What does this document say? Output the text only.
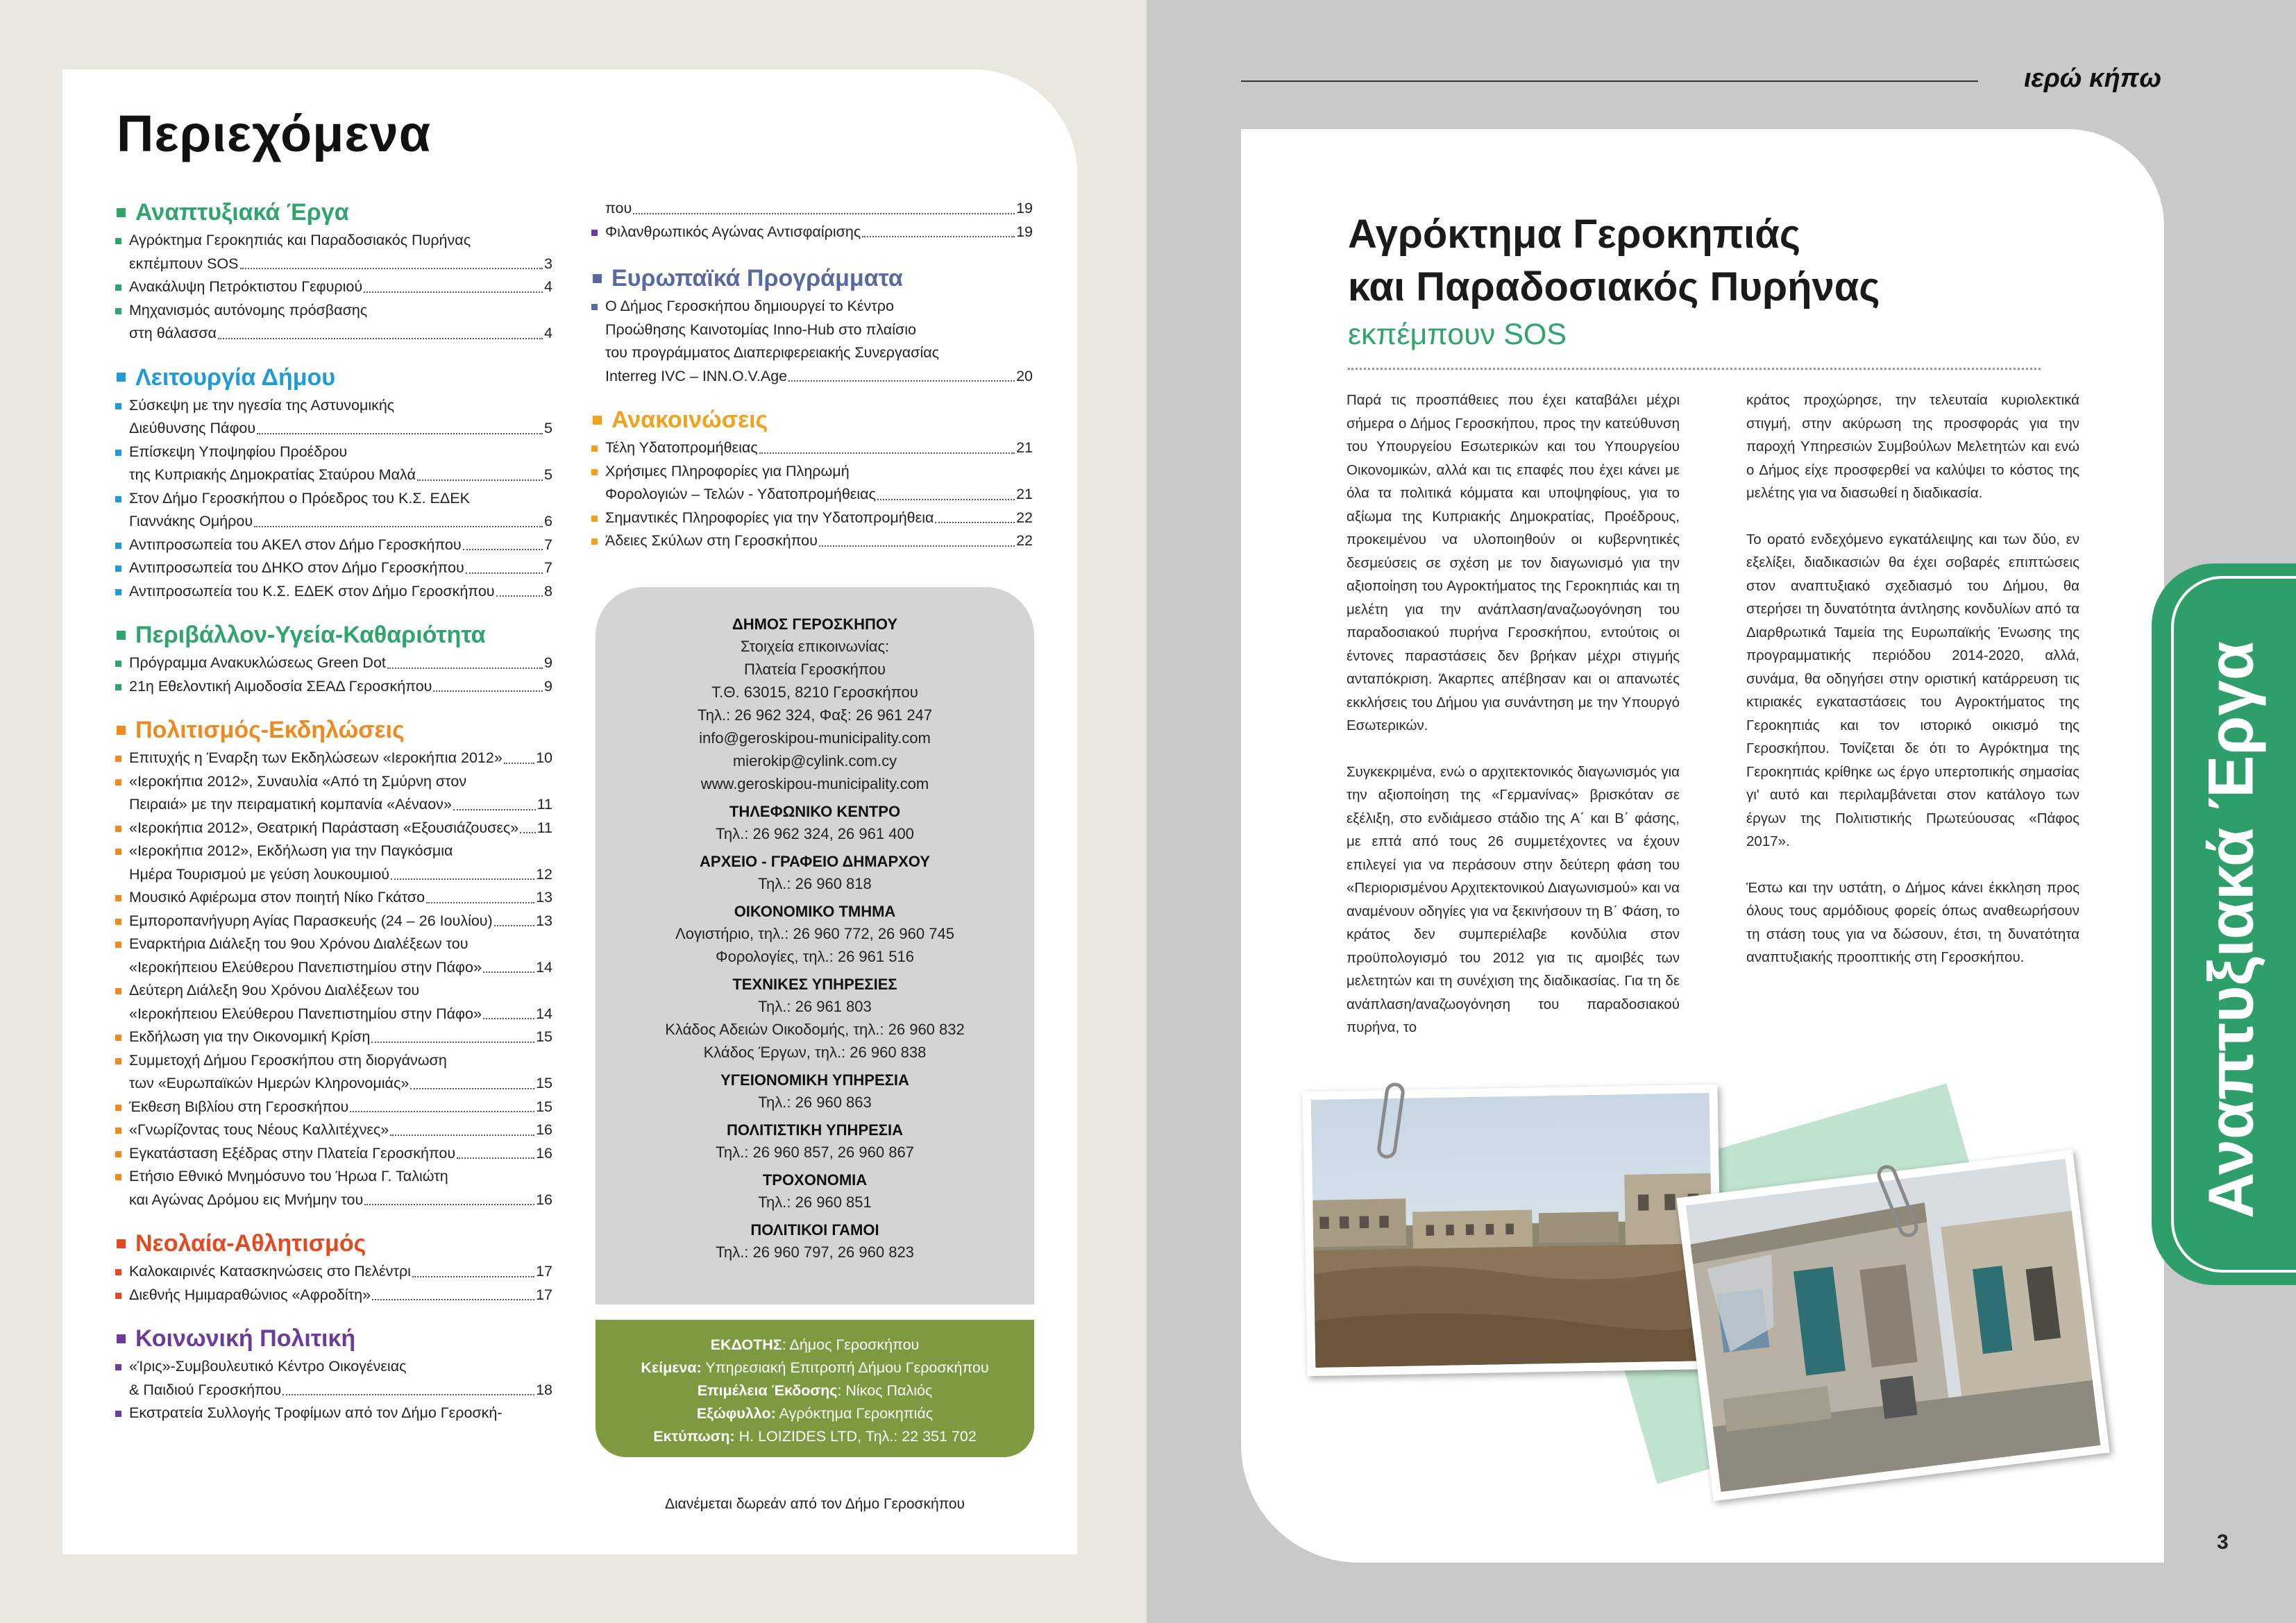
Περιεχόμενα
Αναπτυξιακά Έργα
Αγρόκτημα Γεροκηπιάς και Παραδοσιακός Πυρήνας
εκπέμπουν SOS	3
Ανακάλυψη Πετρόκτιστου Γεφυριού	4
Μηχανισμός αυτόνομης πρόσβασης
στη θάλασσα	4
Λειτουργία Δήμου
Σύσκεψη με την ηγεσία της Αστυνομικής
Διεύθυνσης Πάφου	5
Επίσκεψη Υποψηφίου Προέδρου
της Κυπριακής Δημοκρατίας Σταύρου Μαλά	5
Στον Δήμο Γεροσκήπου ο Πρόεδρος του Κ.Σ. ΕΔΕΚ
Γιαννάκης Ομήρου	6
Αντιπροσωπεία του ΑΚΕΛ στον Δήμο Γεροσκήπου	7
Αντιπροσωπεία του ΔΗΚΟ στον Δήμο Γεροσκήπου	7
Αντιπροσωπεία του Κ.Σ. ΕΔΕΚ στον Δήμο Γεροσκήπου	8
Περιβάλλον-Υγεία-Καθαριότητα
Πρόγραμμα Ανακυκλώσεως Green Dot	9
21η Εθελοντική Αιμοδοσία ΣΕΑΔ Γεροσκήπου	9
Πολιτισμός-Εκδηλώσεις
Επιτυχής η Έναρξη των Εκδηλώσεων «Ιεροκήπια 2012» 10
«Ιεροκήπια 2012», Συναυλία «Από τη Σμύρνη στον
Πειραιά» με την πειραματική κομπανία «Αέναον»	11
«Ιεροκήπια 2012», Θεατρική Παράσταση «Εξουσιάζουσες» 11
«Ιεροκήπια 2012», Εκδήλωση για την Παγκόσμια
Ημέρα Τουρισμού με γεύση λουκουμιού	12
Μουσικό Αφιέρωμα στον ποιητή Νίκο Γκάτσο	13
Εμποροπανήγυρη Αγίας Παρασκευής (24 – 26 Ιουλίου)	13
Εναρκτήρια Διάλεξη του 9ου Χρόνου Διαλέξεων του
«Ιεροκήπειου Ελεύθερου Πανεπιστημίου στην Πάφο»	14
Δεύτερη Διάλεξη 9ου Χρόνου Διαλέξεων του
«Ιεροκήπειου Ελεύθερου Πανεπιστημίου στην Πάφο»	14
Εκδήλωση για την Οικονομική Κρίση	15
Συμμετοχή Δήμου Γεροσκήπου στη διοργάνωση
των «Ευρωπαϊκών Ημερών Κληρονομιάς»	15
Έκθεση Βιβλίου στη Γεροσκήπου	15
«Γνωρίζοντας τους Νέους Καλλιτέχνες»	16
Εγκατάσταση Εξέδρας στην Πλατεία Γεροσκήπου	16
Ετήσιο Εθνικό Μνημόσυνο του Ήρωα Γ. Ταλιώτη
και Αγώνας Δρόμου εις Μνήμην του	16
Νεολαία-Αθλητισμός
Καλοκαιρινές Κατασκηνώσεις στο Πελέντρι	17
Διεθνής Ημιμαραθώνιος «Αφροδίτη»	17
Κοινωνική Πολιτική
«Ίρις»-Συμβουλευτικό Κέντρο Οικογένειας
& Παιδιού Γεροσκήπου	18
Εκστρατεία Συλλογής Τροφίμων από τον Δήμο Γεροσκή-
που	19
Φιλανθρωπικός Αγώνας Αντισφαίρισης	19
Ευρωπαϊκά Προγράμματα
Ο Δήμος Γεροσκήπου δημιουργεί το Κέντρο
Προώθησης Καινοτομίας Inno-Hub στο πλαίσιο
του προγράμματος Διαπεριφερειακής Συνεργασίας
Interreg IVC – INN.O.V.Age	20
Ανακοινώσεις
Τέλη Υδατοπρομήθειας	21
Χρήσιμες Πληροφορίες για Πληρωμή
Φορολογιών – Τελών - Υδατοπρομήθειας	21
Σημαντικές Πληροφορίες για την Υδατοπρομήθεια	22
Άδειες Σκύλων στη Γεροσκήπου	22
ΔΗΜΟΣ ΓΕΡΟΣΚΗΠΟΥ
Στοιχεία επικοινωνίας:
Πλατεία Γεροσκήπου
Τ.Θ. 63015, 8210 Γεροσκήπου
Τηλ.: 26 962 324, Φαξ: 26 961 247
info@geroskipou-municipality.com
mierokip@cylink.com.cy
www.geroskipou-municipality.com
ΤΗΛΕΦΩΝΙΚΟ ΚΕΝΤΡΟ
Τηλ.: 26 962 324, 26 961 400
ΑΡΧΕΙΟ - ΓΡΑΦΕΙΟ ΔΗΜΑΡΧΟΥ
Τηλ.: 26 960 818
ΟΙΚΟΝΟΜΙΚΟ ΤΜΗΜΑ
Λογιστήριο, τηλ.: 26 960 772, 26 960 745
Φορολογίες, τηλ.: 26 961 516
ΤΕΧΝΙΚΕΣ ΥΠΗΡΕΣΙΕΣ
Τηλ.: 26 961 803
Κλάδος Αδειών Οικοδομής, τηλ.: 26 960 832
Κλάδος Έργων, τηλ.: 26 960 838
ΥΓΕΙΟΝΟΜΙΚΗ ΥΠΗΡΕΣΙΑ
Τηλ.: 26 960 863
ΠΟΛΙΤΙΣΤΙΚΗ ΥΠΗΡΕΣΙΑ
Τηλ.: 26 960 857, 26 960 867
ΤΡΟΧΟΝΟΜΙΑ
Τηλ.: 26 960 851
ΠΟΛΙΤΙΚΟΙ ΓΑΜΟΙ
Τηλ.: 26 960 797, 26 960 823
ΕΚΔΟΤΗΣ: Δήμος Γεροσκήπου
Κείμενα: Υπηρεσιακή Επιτροπή Δήμου Γεροσκήπου
Επιμέλεια Έκδοσης: Νίκος Παλιός
Εξώφυλλο: Αγρόκτημα Γεροκηπιάς
Εκτύπωση: H. LOIZIDES LTD, Τηλ.: 22 351 702
Διανέμεται δωρεάν από τον Δήμο Γεροσκήπου
ιερώ κήπω
Αγρόκτημα Γεροκηπιάς
και Παραδοσιακός Πυρήνας
εκπέμπουν SOS

Παρά τις προσπάθειες που έχει καταβάλει μέχρι σήμερα ο Δήμος Γεροσκήπου, προς την κατεύθυνση του Υπουργείου Εσωτερικών και του Υπουργείου Οικονομικών, αλλά και τις επαφές που έχει κάνει με όλα τα πολιτικά κόμματα και υποψηφίους, για το αξίωμα της Κυπριακής Δημοκρατίας, Προέδρους, προκειμένου να υλοποιηθούν οι κυβερνητικές δεσμεύσεις σε σχέση με τον διαγωνισμό για την αξιοποίηση του Αγροκτήματος της Γεροκηπιάς και τη μελέτη για την ανάπλαση/αναζωογόνηση του παραδοσιακού πυρήνα Γεροσκήπου, εντούτοις οι έντονες παραστάσεις δεν βρήκαν μέχρι στιγμής ανταπόκριση. Άκαρπες απέβησαν και οι απανωτές εκκλήσεις του Δήμου για συνάντηση με την Υπουργό Εσωτερικών.

Συγκεκριμένα, ενώ ο αρχιτεκτονικός διαγωνισμός για την αξιοποίηση της «Γερμανίνας» βρισκόταν σε εξέλιξη, στο ενδιάμεσο στάδιο της Α΄ και Β΄ φάσης, με επτά από τους 26 συμμετέχοντες να έχουν επιλεγεί για να περάσουν στην δεύτερη φάση του «Περιορισμένου Αρχιτεκτονικού Διαγωνισμού» και να αναμένουν οδηγίες για να ξεκινήσουν τη Β΄ Φάση, το κράτος δεν συμπεριέλαβε κονδύλια στον προϋπολογισμό του 2012 για τις αμοιβές των μελετητών και τη συνέχιση της διαδικασίας. Για τη δε ανάπλαση/αναζωογόνηση του παραδοσιακού πυρήνα, το

κράτος προχώρησε, την τελευταία κυριολεκτικά στιγμή, στην ακύρωση της προσφοράς για την παροχή Υπηρεσιών Συμβούλων Μελετητών και ενώ ο Δήμος είχε προσφερθεί να καλύψει το κόστος της μελέτης για να διασωθεί η διαδικασία.

Το ορατό ενδεχόμενο εγκατάλειψης και των δύο, εν εξελίξει, διαδικασιών θα έχει σοβαρές επιπτώσεις στον αναπτυξιακό σχεδιασμό του Δήμου, θα στερήσει τη δυνατότητα άντλησης κονδυλίων από τα Διαρθρωτικά Ταμεία της Ευρωπαϊκής Ένωσης της προγραμματικής περιόδου 2014-2020, αλλά, συνάμα, θα οδηγήσει στην οριστική κατάρρευση τις κτιριακές εγκαταστάσεις του Αγροκτήματος της Γεροκηπιάς και τον ιστορικό οικισμό της Γεροσκήπου. Τονίζεται δε ότι το Αγρόκτημα της Γεροκηπιάς κρίθηκε ως έργο υπερτοπικής σημασίας γι' αυτό και περιλαμβάνεται στον κατάλογο των έργων της Πολιτιστικής Πρωτεύουσας «Πάφος 2017».

Έστω και την υστάτη, ο Δήμος κάνει έκκληση προς όλους τους αρμόδιους φορείς όπως αναθεωρήσουν τη στάση τους για να δώσουν, έτσι, τη δυνατότητα αναπτυξιακής προοπτικής στη Γεροσκήπου.	Αναπτυξιακά Έργα
3
